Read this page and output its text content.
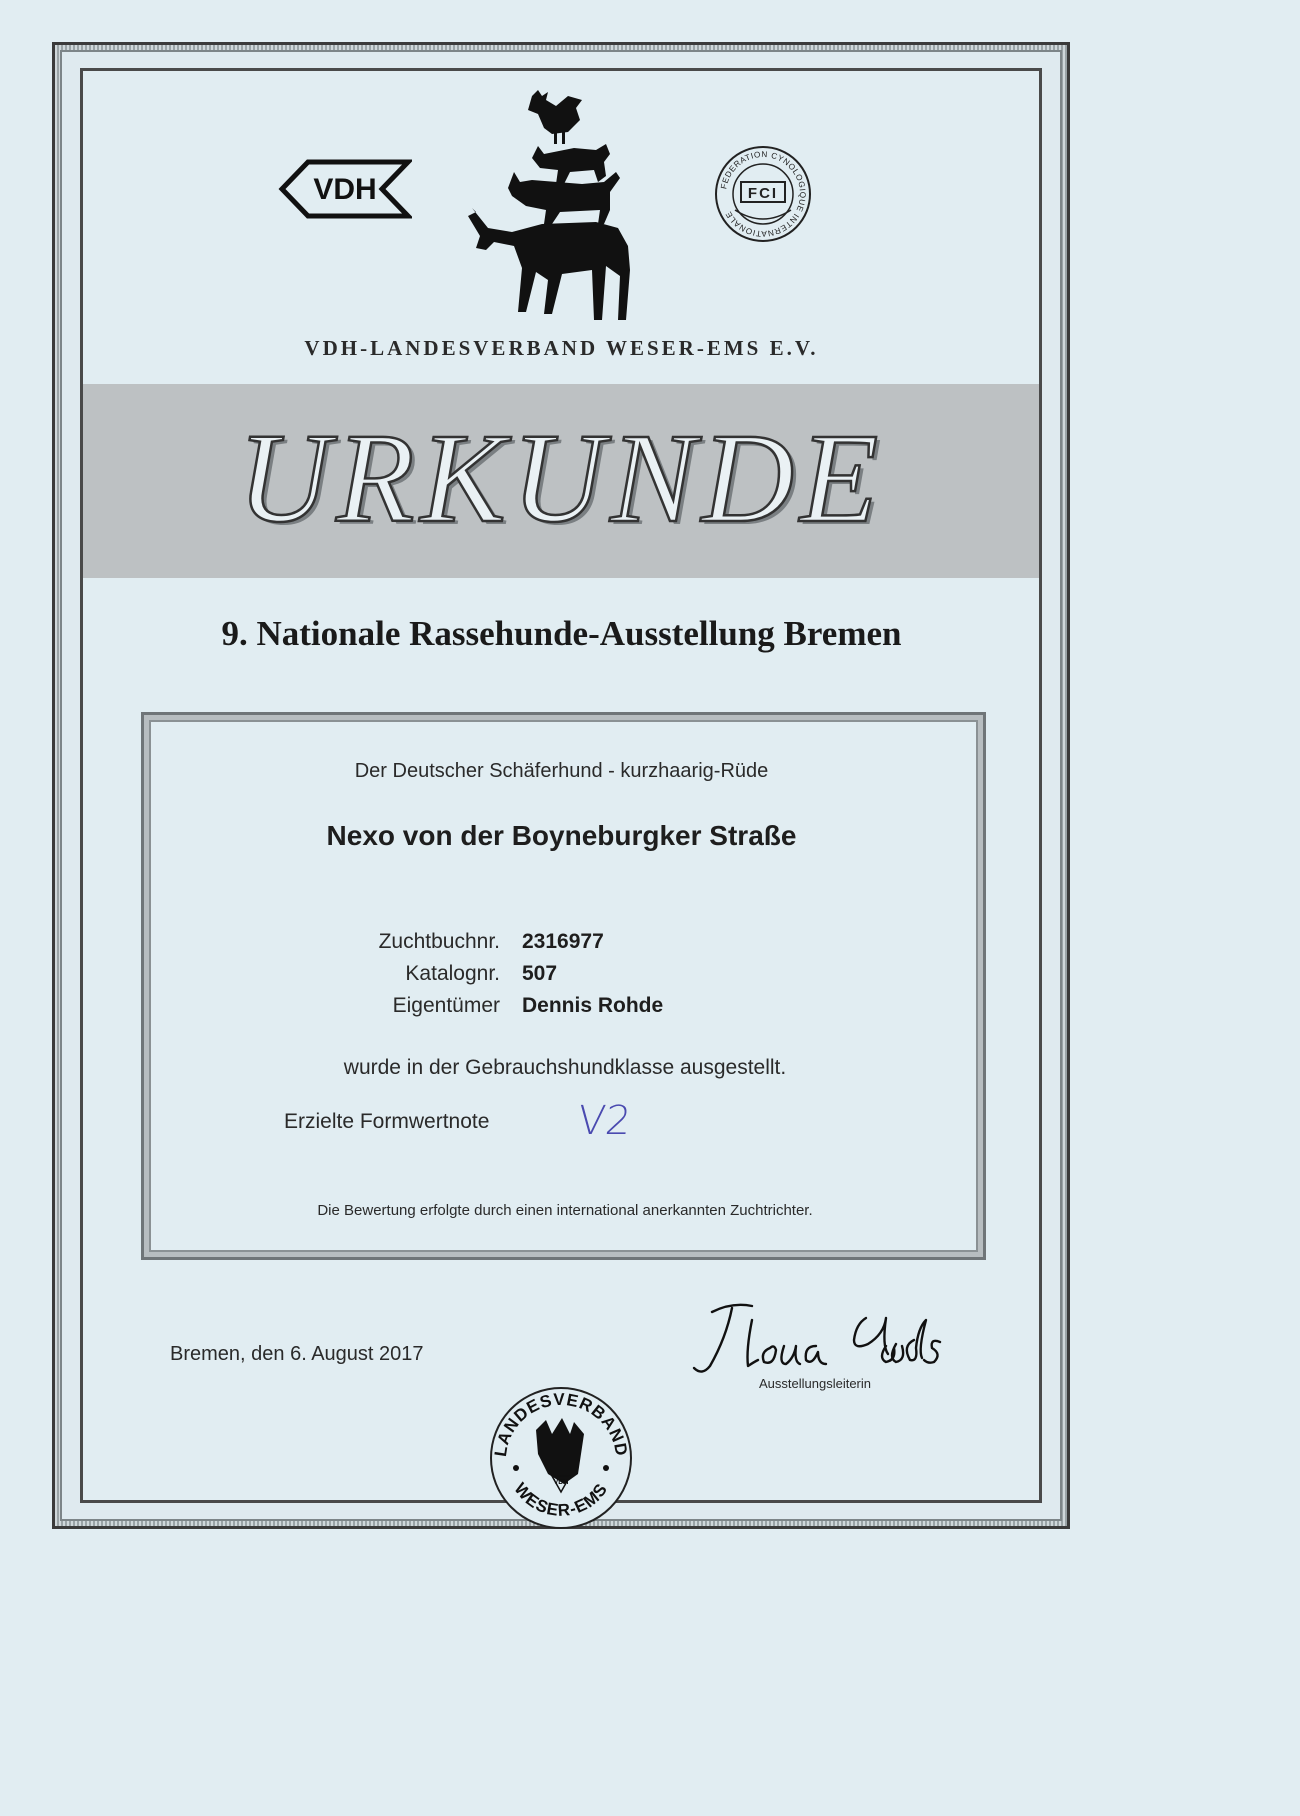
VDH	FEDERATION CYNOLOGIQUE INTERNATIONALE
FCI
VDH-LANDESVERBAND WESER-EMS E.V.
URKUNDE
9. Nationale Rassehunde-Ausstellung Bremen
Der Deutscher Schäferhund - kurzhaarig-Rüde
Nexo von der Boyneburgker Straße
Zuchtbuchnr. 2316977
Katalognr. 507
Eigentümer Dennis Rohde
wurde in der Gebrauchshundklasse ausgestellt.
Erzielte Formwertnote V2
Die Bewertung erfolgte durch einen international anerkannten Zuchtrichter.
Bremen, den 6. August 2017
Ausstellungsleiterin
LANDESVERBAND
WESER-EMS
VDH
